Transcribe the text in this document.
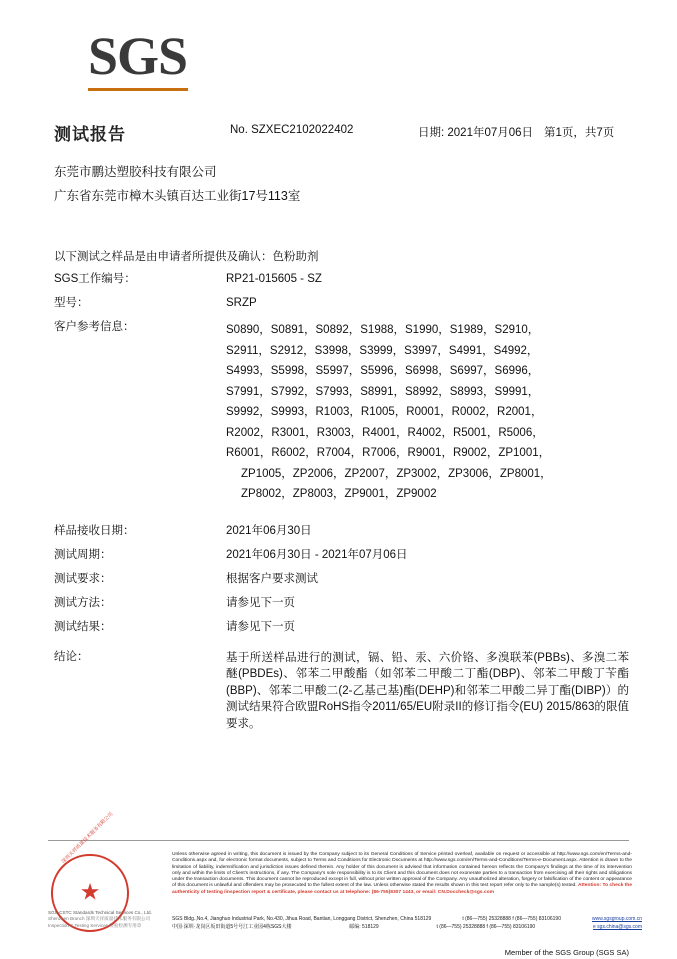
SGS
测试报告	No. SZXEC2102022402	日期: 2021年07月06日 第1页，共7页
东莞市鹏达塑胶科技有限公司
广东省东莞市樟木头镇百达工业街17号113室
以下测试之样品是由申请者所提供及确认：色粉助剂
SGS工作编号：	RP21-015605 - SZ
型号：	SRZP
客户参考信息：	S0890，S0891，S0892，S1988，S1990，S1989，S2910，
S2911，S2912，S3998，S3999，S3997，S4991，S4992，
S4993，S5998，S5997，S5996，S6998，S6997，S6996，
S7991，S7992，S7993，S8991，S8992，S8993，S9991，
S9992，S9993，R1003，R1005，R0001，R0002，R2001，
R2002，R3001，R3003，R4001，R4002，R5001，R5006，
R6001，R6002，R7004，R7006，R9001，R9002，ZP1001，
ZP1005，ZP2006，ZP2007，ZP3002，ZP3006，ZP8001，
ZP8002，ZP8003，ZP9001，ZP9002
样品接收日期：	2021年06月30日
测试周期：	2021年06月30日 - 2021年07月06日
测试要求：	根据客户要求测试
测试方法：	请参见下一页
测试结果：	请参见下一页
结论：	基于所送样品进行的测试，镉、铅、汞、六价铬、多溴联苯(PBBs)、多溴二苯醚(PBDEs)、邻苯二甲酸酯（如邻苯二甲酸二丁酯(DBP)、邻苯二甲酸丁苄酯(BBP)、邻苯二甲酸二(2-乙基己基)酯(DEHP)和邻苯二甲酸二异丁酯(DIBP)）的测试结果符合欧盟RoHS指令2011/65/EU附录II的修订指令(EU) 2015/863的限值要求。
★
深圳天祥质量技术服务有限公司
SGS-CSTC Standards Technical Services Co., Ltd.
Shenzhen Branch 深圳天祥质量技术服务有限公司
Inspection & Testing Services 检验检测专用章
Unless otherwise agreed in writing, this document is issued by the Company subject to its General Conditions of Service printed overleaf, available on request or accessible at http://www.sgs.com/en/Terms-and-Conditions.aspx and, for electronic format documents, subject to Terms and Conditions for Electronic Documents at http://www.sgs.com/en/Terms-and-Conditions/Terms-e-Document.aspx. Attention is drawn to the limitation of liability, indemnification and jurisdiction issues defined therein. Any holder of this document is advised that information contained hereon reflects the Company's findings at the time of its intervention only and within the limits of Client's instructions, if any. The Company's sole responsibility is to its Client and this document does not exonerate parties to a transaction from exercising all their rights and obligations under the transaction documents. This document cannot be reproduced except in full, without prior written approval of the Company. Any unauthorized alteration, forgery or falsification of the content or appearance of this document is unlawful and offenders may be prosecuted to the fullest extent of the law. Unless otherwise stated the results shown in this test report refer only to the sample(s) tested. Attention: To check the authenticity of testing /inspection report & certificate, please contact us at telephone: (86-755)8307 1443, or email: CN.Doccheck@sgs.com
SGS Bldg.,No.4, Jianghuo Industrial Park, No.430, Jihua Road, Bantian, Longgang District, Shenzhen, China 518129	t (86—755) 25328888 f (86—755) 83106190	www.sgsgroup.com.cn
中国·深圳·龙岗区坂田街道5号号江工业园4栋SGS大楼	邮编: 518129	t (86—755) 25328888 f (86—755) 83106190	e sgs.china@sgs.com
Member of the SGS Group (SGS SA)
